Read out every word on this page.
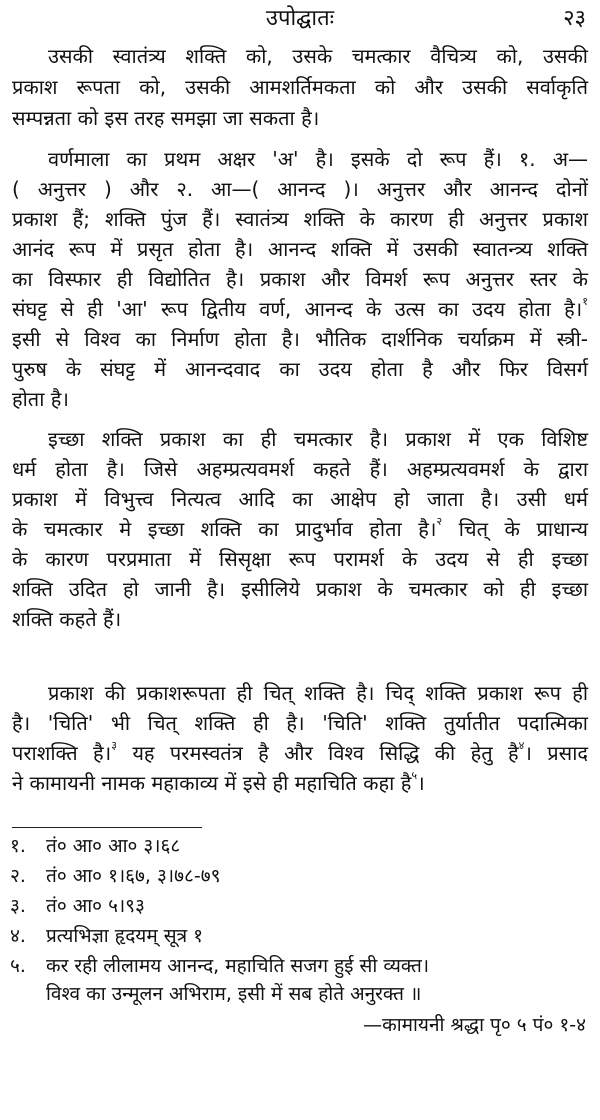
उपोद्घातः	२३
उसकी स्वातंत्र्य शक्ति को, उसके चमत्कार वैचित्र्य को, उसकी
प्रकाश रूपता को, उसकी आमशर्तिमकता को और उसकी सर्वाकृति
सम्पन्नता को इस तरह समझा जा सकता है।
वर्णमाला का प्रथम अक्षर 'अ' है। इसके दो रूप हैं। १. अ—
( अनुत्तर ) और २. आ—( आनन्द )। अनुत्तर और आनन्द दोनों
प्रकाश हैं; शक्ति पुंज हैं। स्वातंत्र्य शक्ति के कारण ही अनुत्तर प्रकाश
आनंद रूप में प्रसृत होता है। आनन्द शक्ति में उसकी स्वातन्त्र्य शक्ति
का विस्फार ही विद्योतित है। प्रकाश और विमर्श रूप अनुत्तर स्तर के
संघट्ट से ही 'आ' रूप द्वितीय वर्ण, आनन्द के उत्स का उदय होता है।$^१$
इसी से विश्व का निर्माण होता है। भौतिक दार्शनिक चर्याक्रम में स्त्री-
पुरुष के संघट्ट में आनन्दवाद का उदय होता है और फिर विसर्ग
होता है।
इच्छा शक्ति प्रकाश का ही चमत्कार है। प्रकाश में एक विशिष्ट
धर्म होता है। जिसे अहम्प्रत्यवमर्श कहते हैं। अहम्प्रत्यवमर्श के द्वारा
प्रकाश में विभुत्त्व नित्यत्व आदि का आक्षेप हो जाता है। उसी धर्म
के चमत्कार मे इच्छा शक्ति का प्रादुर्भाव होता है।$^२$ चित् के प्राधान्य
के कारण परप्रमाता में सिसृक्षा रूप परामर्श के उदय से ही इच्छा
शक्ति उदित हो जानी है। इसीलिये प्रकाश के चमत्कार को ही इच्छा
शक्ति कहते हैं।
प्रकाश की प्रकाशरूपता ही चित् शक्ति है। चिद् शक्ति प्रकाश रूप ही
है। 'चिति' भी चित् शक्ति ही है। 'चिति' शक्ति तुर्यातीत पदात्मिका
पराशक्ति है।$^३$ यह परमस्वतंत्र है और विश्व सिद्धि की हेतु है$^४$। प्रसाद
ने कामायनी नामक महाकाव्य में इसे ही महाचिति कहा है$^५$।
१. तं० आ० आ० ३।६८
२. तं० आ० १।६७, ३।७८-७९
३. तं० आ० ५।९३
४. प्रत्यभिज्ञा हृदयम् सूत्र १
५. कर रही लीलामय आनन्द, महाचिति सजग हुई सी व्यक्त।
विश्व का उन्मूलन अभिराम, इसी में सब होते अनुरक्त ॥
—कामायनी श्रद्धा पृ० ५ पं० १-४
